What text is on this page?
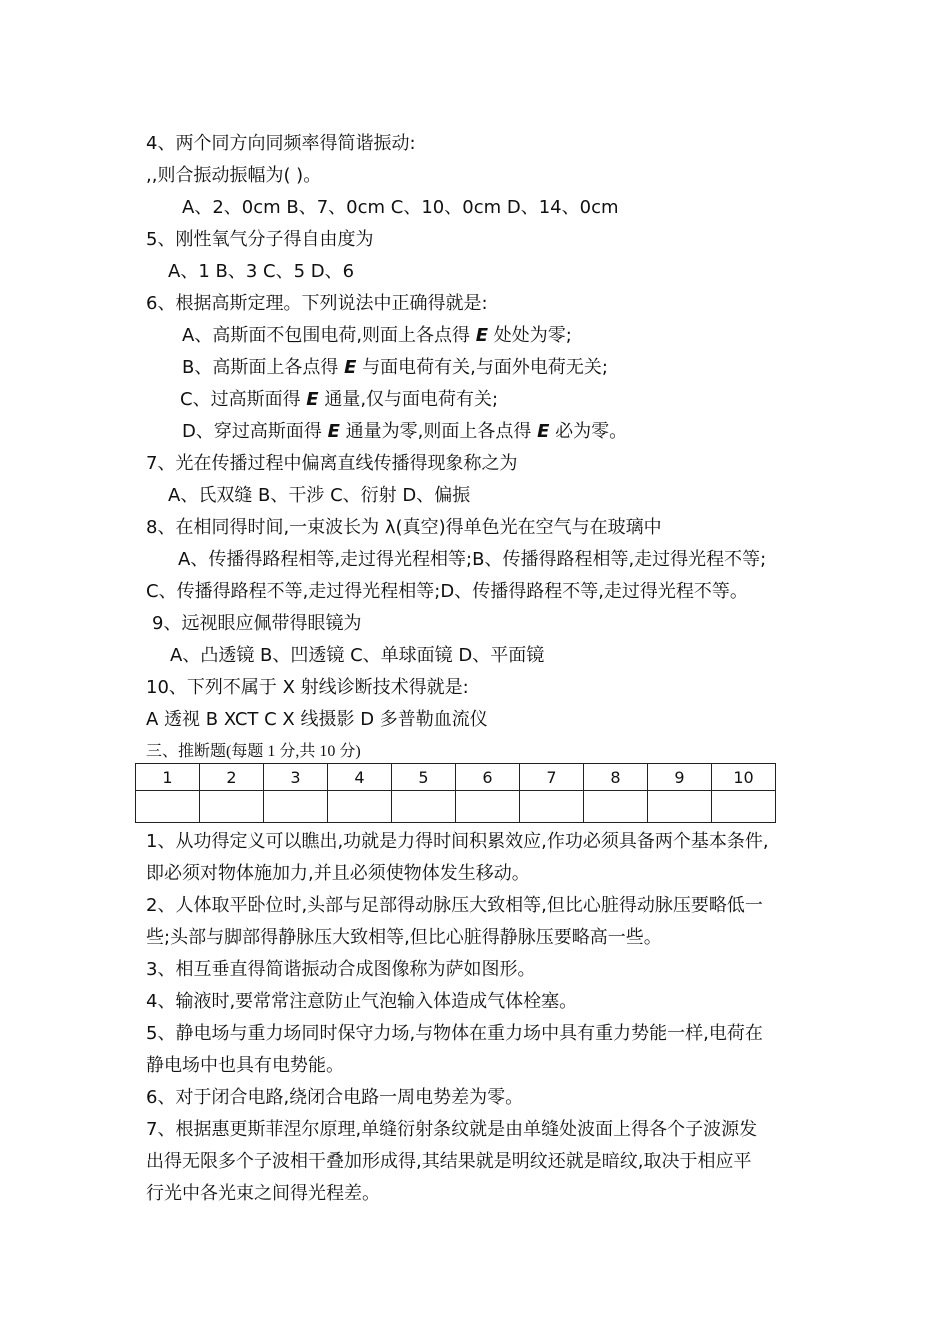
4、两个同方向同频率得简谐振动:
,,则合振动振幅为( )。
A、2、0cm B、7、0cm C、10、0cm D、14、0cm
5、刚性氧气分子得自由度为
A、1 B、3 C、5 D、6
6、根据高斯定理。下列说法中正确得就是:
A、高斯面不包围电荷,则面上各点得 E 处处为零;
B、高斯面上各点得 E 与面电荷有关,与面外电荷无关;
C、过高斯面得 E 通量,仅与面电荷有关;
D、穿过高斯面得 E 通量为零,则面上各点得 E 必为零。
7、光在传播过程中偏离直线传播得现象称之为
A、氏双缝 B、干涉 C、衍射 D、偏振
8、在相同得时间,一束波长为 λ(真空)得单色光在空气与在玻璃中
A、传播得路程相等,走过得光程相等;B、传播得路程相等,走过得光程不等;
C、传播得路程不等,走过得光程相等;D、传播得路程不等,走过得光程不等。
9、远视眼应佩带得眼镜为
A、凸透镜 B、凹透镜 C、单球面镜 D、平面镜
10、下列不属于 X 射线诊断技术得就是:
A 透视 B XCT C X 线摄影 D 多普勒血流仪
三、推断题(每题 1 分,共 10 分)
1	2	3	4	5	6	7	8	9	10

1、从功得定义可以瞧出,功就是力得时间积累效应,作功必须具备两个基本条件,
即必须对物体施加力,并且必须使物体发生移动。
2、人体取平卧位时,头部与足部得动脉压大致相等,但比心脏得动脉压要略低一
些;头部与脚部得静脉压大致相等,但比心脏得静脉压要略高一些。
3、相互垂直得简谐振动合成图像称为萨如图形。
4、输液时,要常常注意防止气泡输入体造成气体栓塞。
5、静电场与重力场同时保守力场,与物体在重力场中具有重力势能一样,电荷在
静电场中也具有电势能。
6、对于闭合电路,绕闭合电路一周电势差为零。
7、根据惠更斯菲涅尔原理,单缝衍射条纹就是由单缝处波面上得各个子波源发
出得无限多个子波相干叠加形成得,其结果就是明纹还就是暗纹,取决于相应平
行光中各光束之间得光程差。
